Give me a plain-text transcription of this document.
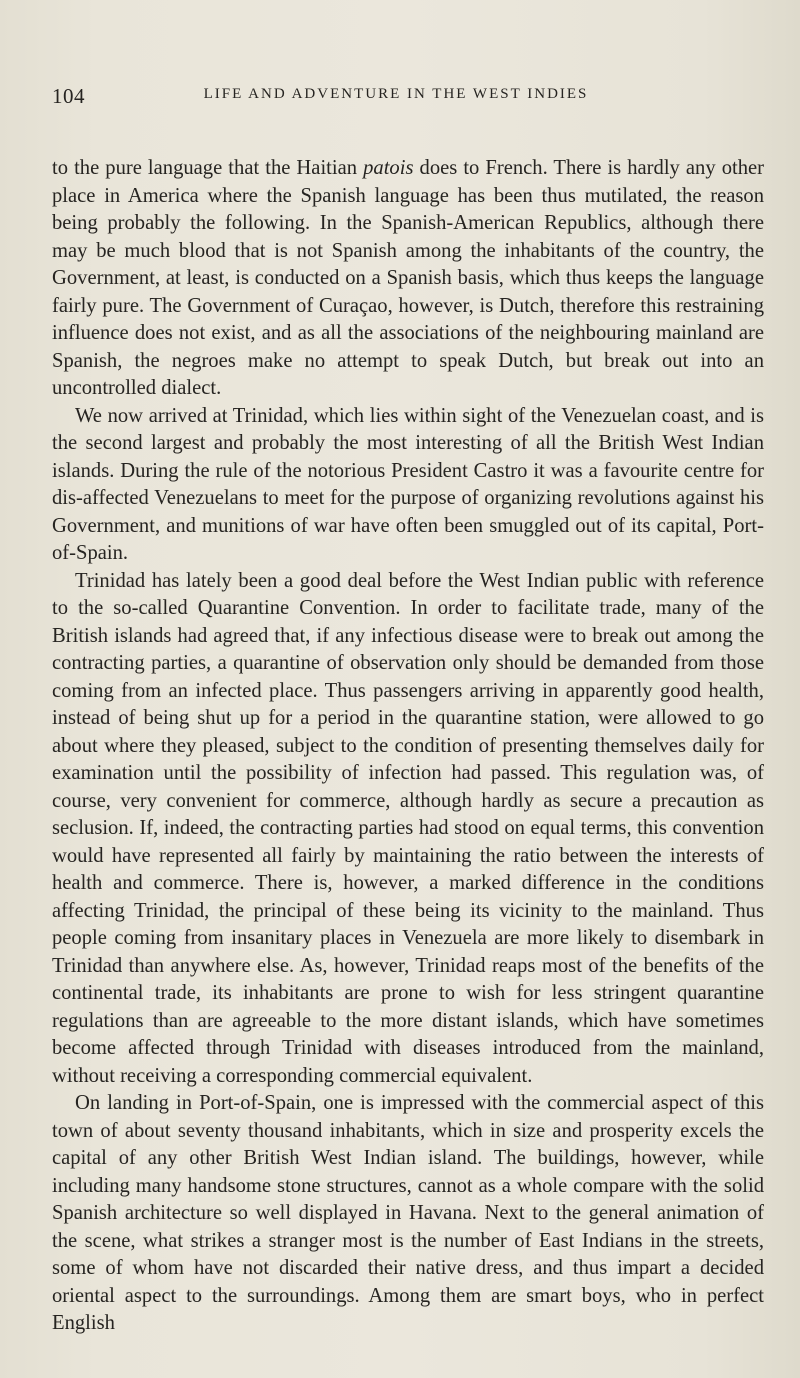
104	LIFE AND ADVENTURE IN THE WEST INDIES

to the pure language that the Haitian patois does to French. There is hardly any other place in America where the Spanish language has been thus mutilated, the reason being probably the following. In the Spanish-American Republics, although there may be much blood that is not Spanish among the inhabitants of the country, the Government, at least, is conducted on a Spanish basis, which thus keeps the language fairly pure. The Government of Curaçao, however, is Dutch, therefore this restraining influence does not exist, and as all the associations of the neighbouring mainland are Spanish, the negroes make no attempt to speak Dutch, but break out into an uncontrolled dialect.

We now arrived at Trinidad, which lies within sight of the Venezuelan coast, and is the second largest and probably the most interesting of all the British West Indian islands. During the rule of the notorious President Castro it was a favourite centre for dis-affected Venezuelans to meet for the purpose of organizing revolutions against his Government, and munitions of war have often been smuggled out of its capital, Port-of-Spain.

Trinidad has lately been a good deal before the West Indian public with reference to the so-called Quarantine Convention. In order to facilitate trade, many of the British islands had agreed that, if any infectious disease were to break out among the contracting parties, a quarantine of observation only should be demanded from those coming from an infected place. Thus passengers arriving in apparently good health, instead of being shut up for a period in the quarantine station, were allowed to go about where they pleased, subject to the condition of presenting themselves daily for examination until the possibility of infection had passed. This regulation was, of course, very convenient for commerce, although hardly as secure a precaution as seclusion. If, indeed, the contracting parties had stood on equal terms, this convention would have represented all fairly by maintaining the ratio between the interests of health and commerce. There is, however, a marked difference in the conditions affecting Trinidad, the principal of these being its vicinity to the mainland. Thus people coming from insanitary places in Venezuela are more likely to disembark in Trinidad than anywhere else. As, however, Trinidad reaps most of the benefits of the continental trade, its inhabitants are prone to wish for less stringent quarantine regulations than are agreeable to the more distant islands, which have sometimes become affected through Trinidad with diseases introduced from the mainland, without receiving a corresponding commercial equivalent.

On landing in Port-of-Spain, one is impressed with the commercial aspect of this town of about seventy thousand inhabitants, which in size and prosperity excels the capital of any other British West Indian island. The buildings, however, while including many handsome stone structures, cannot as a whole compare with the solid Spanish architecture so well displayed in Havana. Next to the general animation of the scene, what strikes a stranger most is the number of East Indians in the streets, some of whom have not discarded their native dress, and thus impart a decided oriental aspect to the surroundings. Among them are smart boys, who in perfect English
